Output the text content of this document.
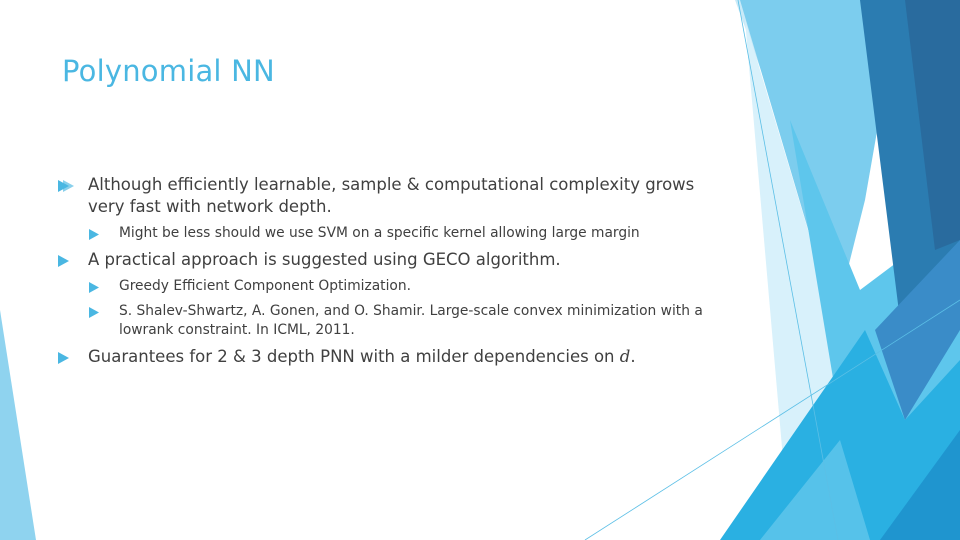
Polynomial NN
Although efficiently learnable, sample & computational complexity grows very fast with network depth.
Might be less should we use SVM on a specific kernel allowing large margin
A practical approach is suggested using GECO algorithm.
Greedy Efficient Component Optimization.
S. Shalev-Shwartz, A. Gonen, and O. Shamir. Large-scale convex minimization with a lowrank constraint. In ICML, 2011.
Guarantees for 2 & 3 depth PNN with a milder dependencies on d.
